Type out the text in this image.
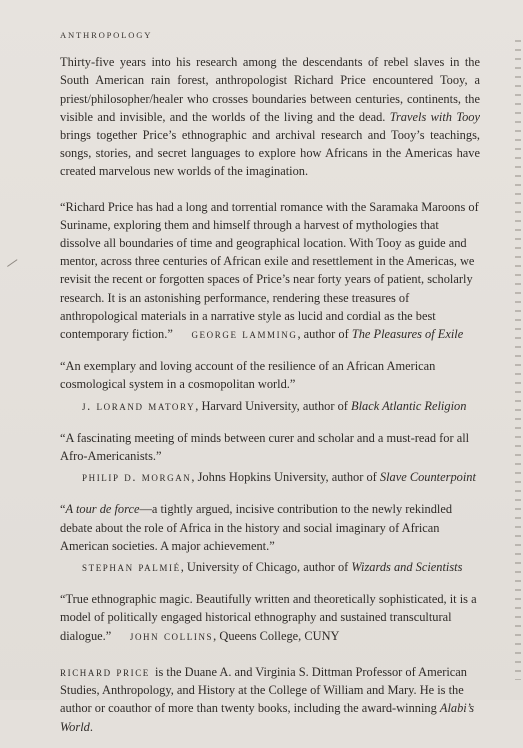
ANTHROPOLOGY

Thirty-five years into his research among the descendants of rebel slaves in the South American rain forest, anthropologist Richard Price encountered Tooy, a priest/philosopher/healer who crosses boundaries between centuries, continents, the visible and invisible, and the worlds of the living and the dead. Travels with Tooy brings together Price’s ethnographic and archival research and Tooy’s teachings, songs, stories, and secret languages to explore how Africans in the Americas have created marvelous new worlds of the imagination.

“Richard Price has had a long and torrential romance with the Saramaka Maroons of Suriname, exploring them and himself through a harvest of mythologies that dissolve all boundaries of time and geographical location. With Tooy as guide and mentor, across three centuries of African exile and resettlement in the Americas, we revisit the recent or forgotten spaces of Price’s near forty years of patient, scholarly research. It is an astonishing performance, rendering these treasures of anthropological materials in a narrative style as lucid and cordial as the best contemporary fiction.” george lamming, author of The Pleasures of Exile
“An exemplary and loving account of the resilience of an African American cosmological system in a cosmopolitan world.”
j. lorand matory, Harvard University, author of Black Atlantic Religion
“A fascinating meeting of minds between curer and scholar and a must-read for all Afro-Americanists.”
philip d. morgan, Johns Hopkins University, author of Slave Counterpoint
“A tour de force—a tightly argued, incisive contribution to the newly rekindled debate about the role of Africa in the history and social imaginary of African American societies. A major achievement.”
stephan palmié, University of Chicago, author of Wizards and Scientists
“True ethnographic magic. Beautifully written and theoretically sophisticated, it is a model of politically engaged historical ethnography and sustained transcultural dialogue.” john collins, Queens College, CUNY

richard price is the Duane A. and Virginia S. Dittman Professor of American Studies, Anthropology, and History at the College of William and Mary. He is the author or coauthor of more than twenty books, including the award-winning Alabi’s World.
